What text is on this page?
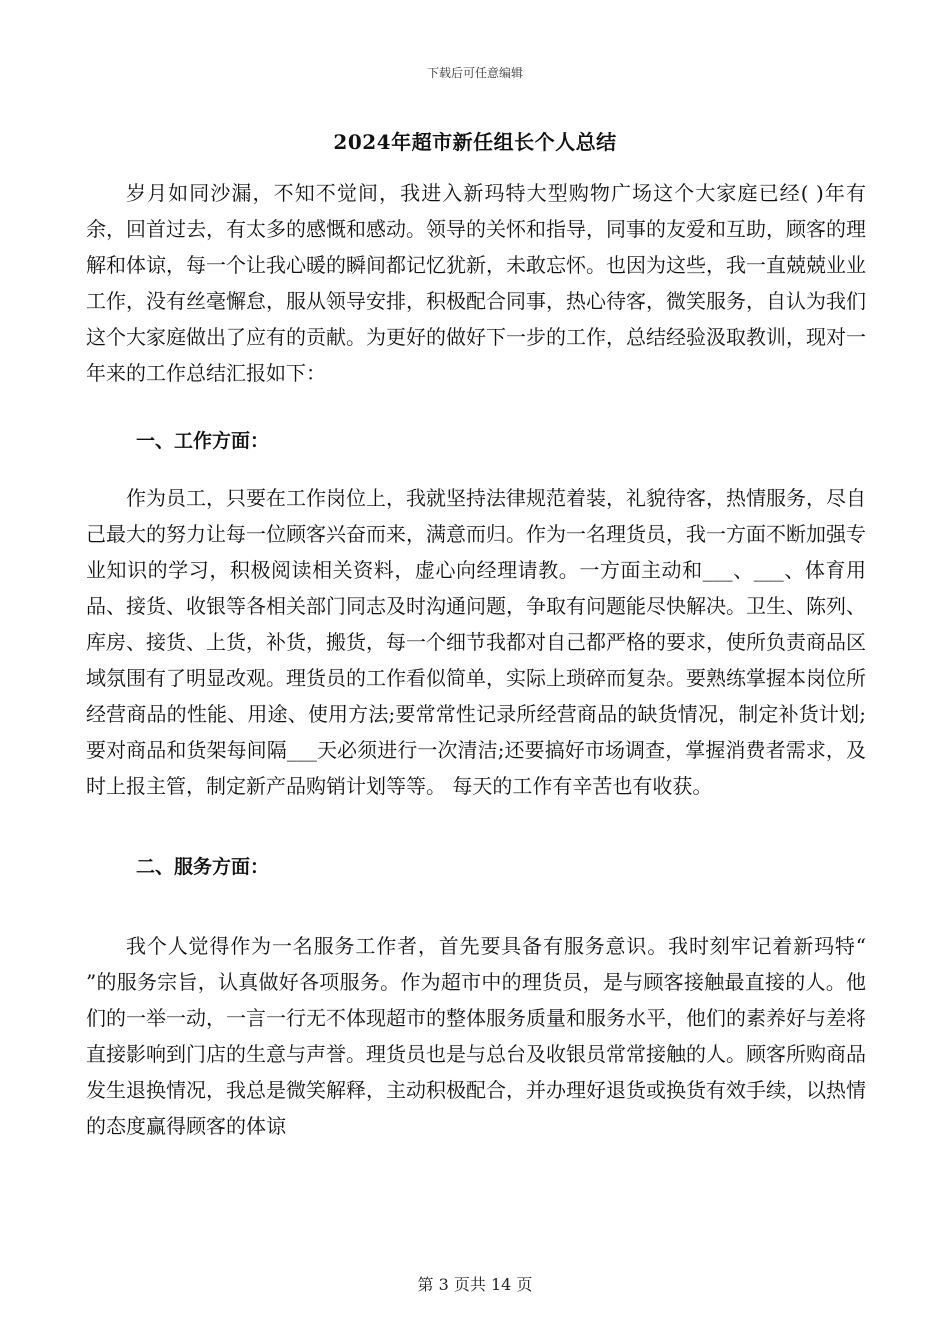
下载后可任意编辑
2024年超市新任组长个人总结
岁月如同沙漏，不知不觉间，我进入新玛特大型购物广场这个大家庭已经( )年有余，回首过去，有太多的感慨和感动。领导的关怀和指导，同事的友爱和互助，顾客的理解和体谅，每一个让我心暖的瞬间都记忆犹新，未敢忘怀。也因为这些，我一直兢兢业业工作，没有丝毫懈怠，服从领导安排，积极配合同事，热心待客，微笑服务，自认为我们这个大家庭做出了应有的贡献。为更好的做好下一步的工作，总结经验汲取教训，现对一年来的工作总结汇报如下：
一、工作方面：
作为员工，只要在工作岗位上，我就坚持法律规范着装，礼貌待客，热情服务，尽自己最大的努力让每一位顾客兴奋而来，满意而归。作为一名理货员，我一方面不断加强专业知识的学习，积极阅读相关资料，虚心向经理请教。一方面主动和___、___、体育用品、接货、收银等各相关部门同志及时沟通问题，争取有问题能尽快解决。卫生、陈列、库房、接货、上货，补货，搬货，每一个细节我都对自己都严格的要求，使所负责商品区域氛围有了明显改观。理货员的工作看似简单，实际上琐碎而复杂。要熟练掌握本岗位所经营商品的性能、用途、使用方法;要常常性记录所经营商品的缺货情况，制定补货计划;要对商品和货架每间隔___天必须进行一次清洁;还要搞好市场调查，掌握消费者需求，及时上报主管，制定新产品购销计划等等。 每天的工作有辛苦也有收获。
二、服务方面：
我个人觉得作为一名服务工作者，首先要具备有服务意识。我时刻牢记着新玛特“ ”的服务宗旨，认真做好各项服务。作为超市中的理货员，是与顾客接触最直接的人。他们的一举一动，一言一行无不体现超市的整体服务质量和服务水平，他们的素养好与差将直接影响到门店的生意与声誉。理货员也是与总台及收银员常常接触的人。顾客所购商品发生退换情况，我总是微笑解释，主动积极配合，并办理好退货或换货有效手续，以热情的态度赢得顾客的体谅
第 3 页共 14 页
